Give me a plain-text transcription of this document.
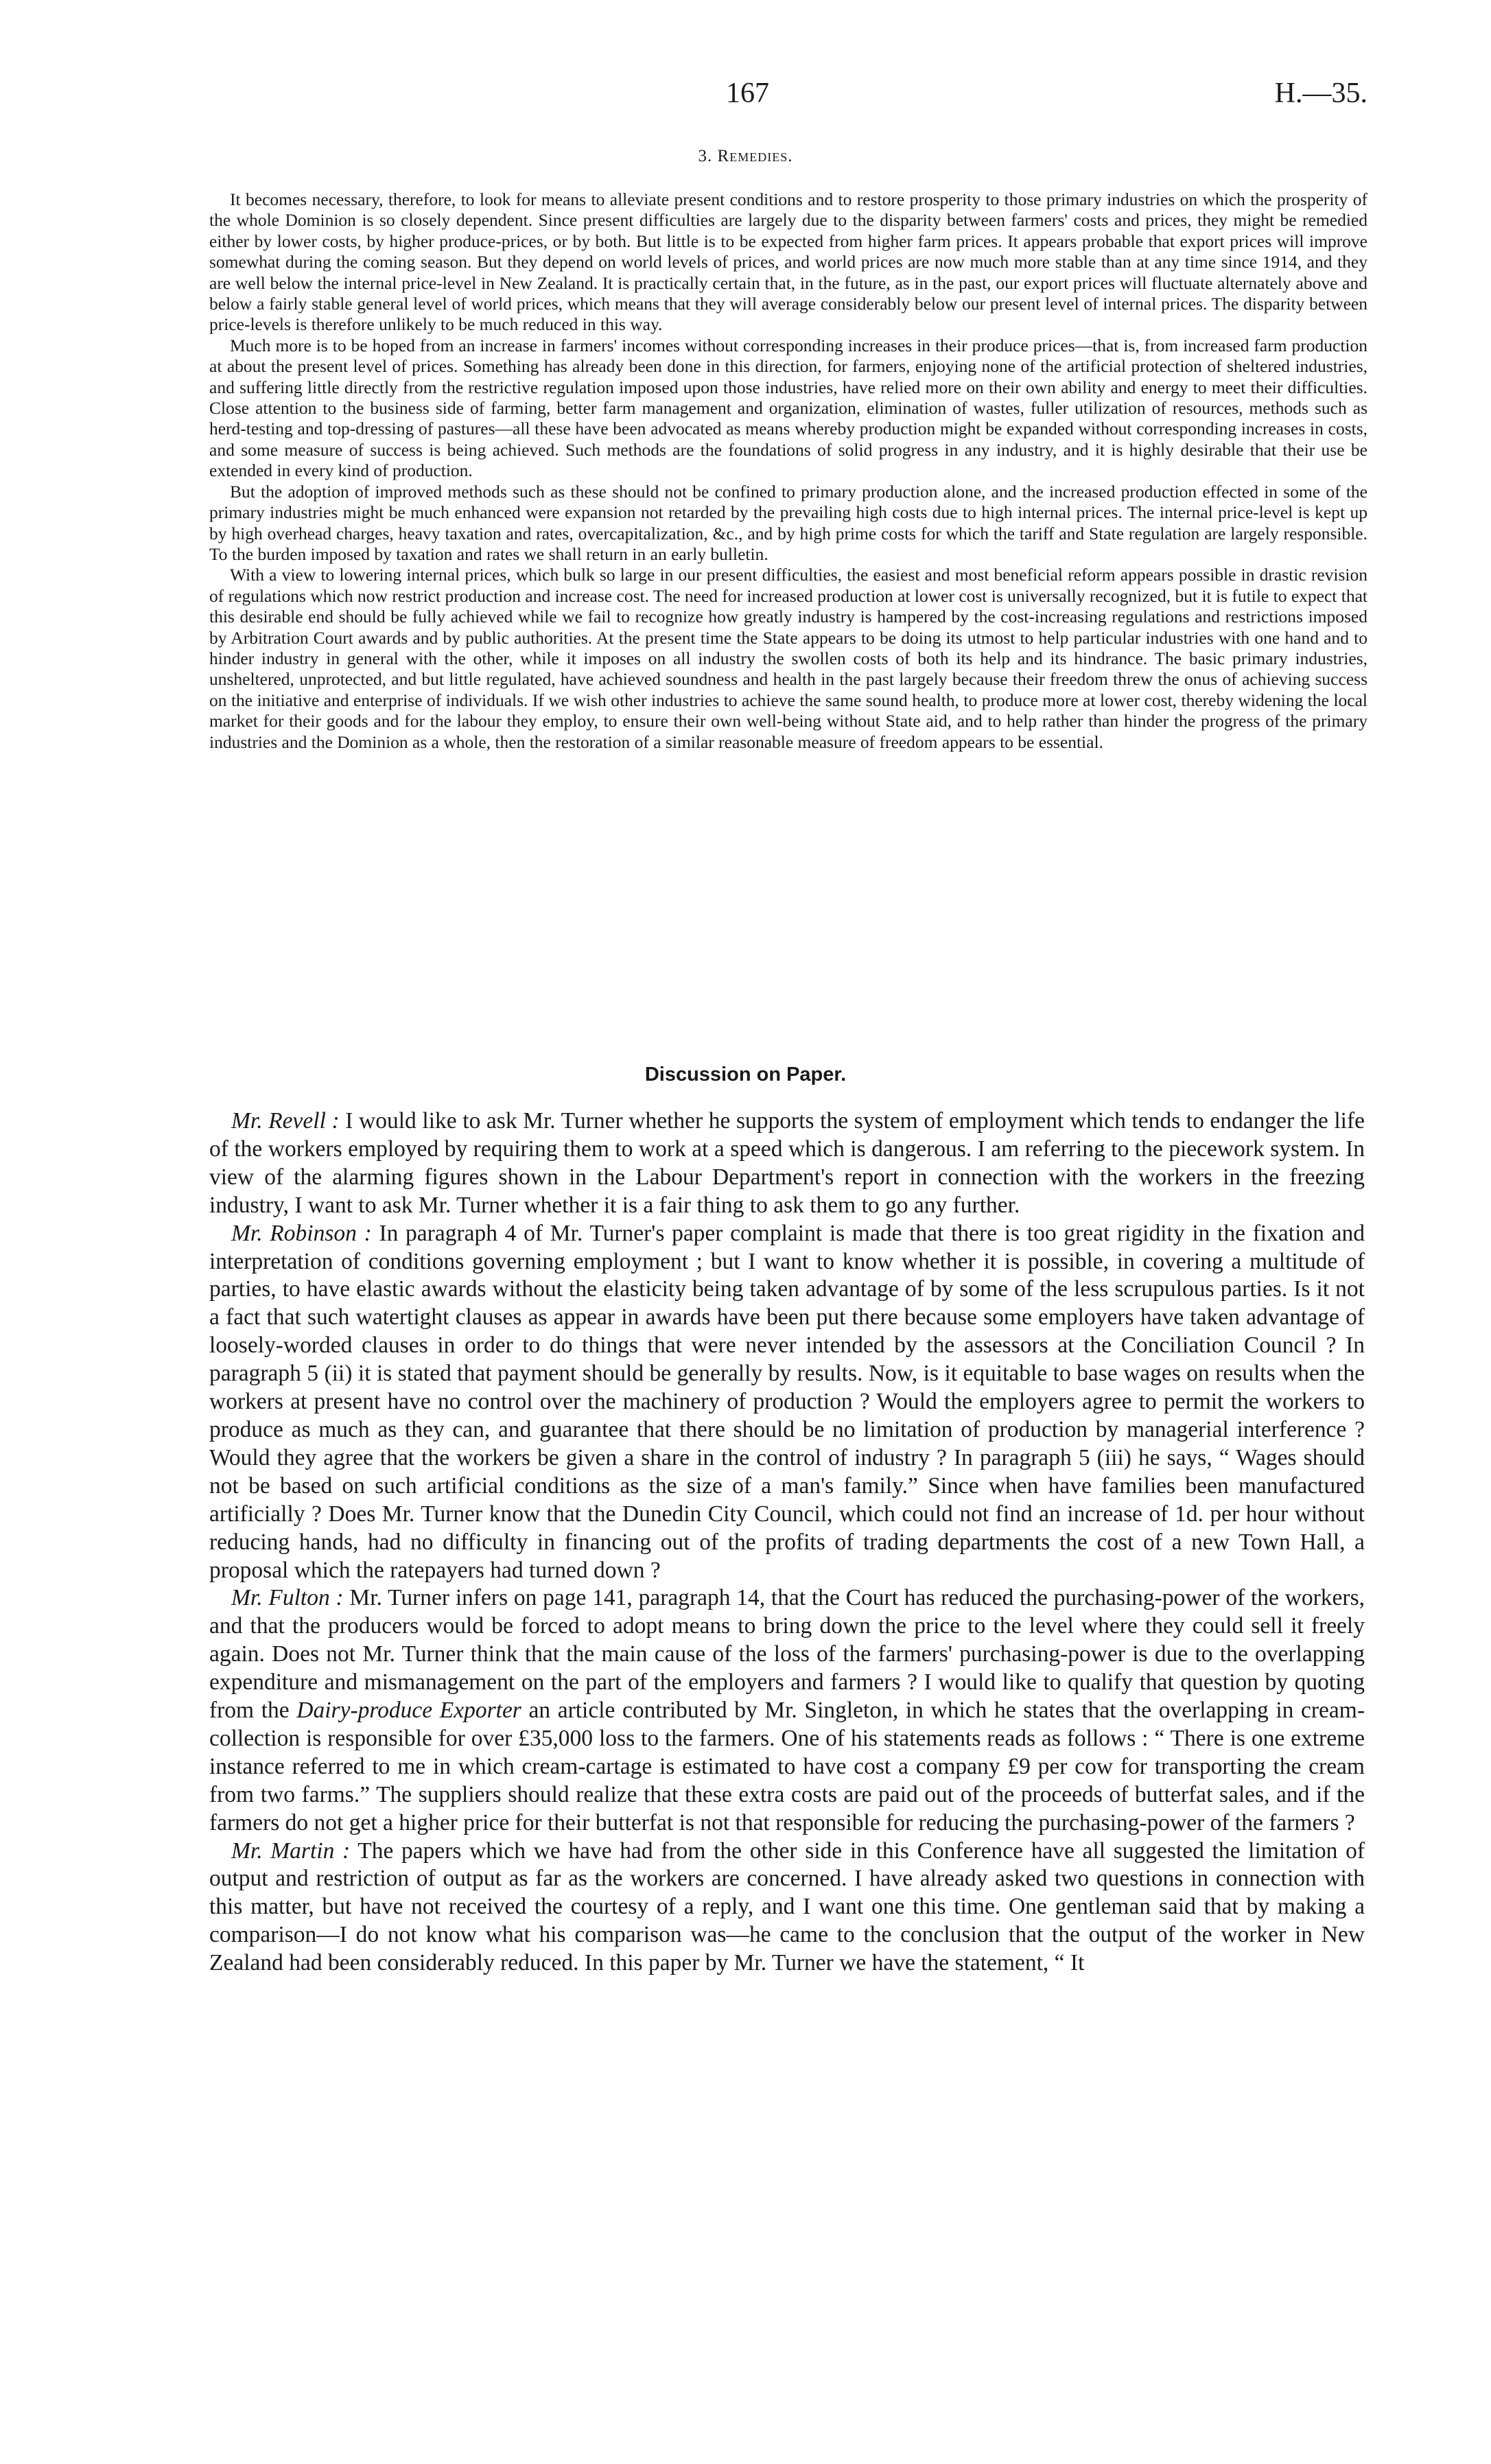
167	H.—35.
3. Remedies.

It becomes necessary, therefore, to look for means to alleviate present conditions and to restore prosperity to those primary industries on which the prosperity of the whole Dominion is so closely dependent. Since present difficulties are largely due to the disparity between farmers' costs and prices, they might be remedied either by lower costs, by higher produce-prices, or by both. But little is to be expected from higher farm prices. It appears probable that export prices will improve somewhat during the coming season. But they depend on world levels of prices, and world prices are now much more stable than at any time since 1914, and they are well below the internal price-level in New Zealand. It is practically certain that, in the future, as in the past, our export prices will fluctuate alternately above and below a fairly stable general level of world prices, which means that they will average considerably below our present level of internal prices. The disparity between price-levels is therefore unlikely to be much reduced in this way.

Much more is to be hoped from an increase in farmers' incomes without corresponding increases in their produce prices—that is, from increased farm production at about the present level of prices. Something has already been done in this direction, for farmers, enjoying none of the artificial protection of sheltered industries, and suffering little directly from the restrictive regulation imposed upon those industries, have relied more on their own ability and energy to meet their difficulties. Close attention to the business side of farming, better farm management and organization, elimination of wastes, fuller utilization of resources, methods such as herd-testing and top-dressing of pastures—all these have been advocated as means whereby production might be expanded without corresponding increases in costs, and some measure of success is being achieved. Such methods are the foundations of solid progress in any industry, and it is highly desirable that their use be extended in every kind of production.

But the adoption of improved methods such as these should not be confined to primary production alone, and the increased production effected in some of the primary industries might be much enhanced were expansion not retarded by the prevailing high costs due to high internal prices. The internal price-level is kept up by high overhead charges, heavy taxation and rates, overcapitalization, &c., and by high prime costs for which the tariff and State regulation are largely responsible. To the burden imposed by taxation and rates we shall return in an early bulletin.

With a view to lowering internal prices, which bulk so large in our present difficulties, the easiest and most beneficial reform appears possible in drastic revision of regulations which now restrict production and increase cost. The need for increased production at lower cost is universally recognized, but it is futile to expect that this desirable end should be fully achieved while we fail to recognize how greatly industry is hampered by the cost-increasing regulations and restrictions imposed by Arbitration Court awards and by public authorities. At the present time the State appears to be doing its utmost to help particular industries with one hand and to hinder industry in general with the other, while it imposes on all industry the swollen costs of both its help and its hindrance. The basic primary industries, unsheltered, unprotected, and but little regulated, have achieved soundness and health in the past largely because their freedom threw the onus of achieving success on the initiative and enterprise of individuals. If we wish other industries to achieve the same sound health, to produce more at lower cost, thereby widening the local market for their goods and for the labour they employ, to ensure their own well-being without State aid, and to help rather than hinder the progress of the primary industries and the Dominion as a whole, then the restoration of a similar reasonable measure of freedom appears to be essential.

Discussion on Paper.

Mr. Revell : I would like to ask Mr. Turner whether he supports the system of employment which tends to endanger the life of the workers employed by requiring them to work at a speed which is dangerous. I am referring to the piecework system. In view of the alarming figures shown in the Labour Department's report in connection with the workers in the freezing industry, I want to ask Mr. Turner whether it is a fair thing to ask them to go any further.

Mr. Robinson : In paragraph 4 of Mr. Turner's paper complaint is made that there is too great rigidity in the fixation and interpretation of conditions governing employment ; but I want to know whether it is possible, in covering a multitude of parties, to have elastic awards without the elasticity being taken advantage of by some of the less scrupulous parties. Is it not a fact that such watertight clauses as appear in awards have been put there because some employers have taken advantage of loosely-worded clauses in order to do things that were never intended by the assessors at the Conciliation Council ? In paragraph 5 (ii) it is stated that payment should be generally by results. Now, is it equitable to base wages on results when the workers at present have no control over the machinery of production ? Would the employers agree to permit the workers to produce as much as they can, and guarantee that there should be no limitation of production by managerial interference ? Would they agree that the workers be given a share in the control of industry ? In paragraph 5 (iii) he says, “ Wages should not be based on such artificial conditions as the size of a man's family.” Since when have families been manufactured artificially ? Does Mr. Turner know that the Dunedin City Council, which could not find an increase of 1d. per hour without reducing hands, had no difficulty in financing out of the profits of trading departments the cost of a new Town Hall, a proposal which the ratepayers had turned down ?

Mr. Fulton : Mr. Turner infers on page 141, paragraph 14, that the Court has reduced the purchasing-power of the workers, and that the producers would be forced to adopt means to bring down the price to the level where they could sell it freely again. Does not Mr. Turner think that the main cause of the loss of the farmers' purchasing-power is due to the overlapping expenditure and mismanagement on the part of the employers and farmers ? I would like to qualify that question by quoting from the Dairy-produce Exporter an article contributed by Mr. Singleton, in which he states that the overlapping in cream-collection is responsible for over £35,000 loss to the farmers. One of his statements reads as follows : “ There is one extreme instance referred to me in which cream-cartage is estimated to have cost a company £9 per cow for transporting the cream from two farms.” The suppliers should realize that these extra costs are paid out of the proceeds of butterfat sales, and if the farmers do not get a higher price for their butterfat is not that responsible for reducing the purchasing-power of the farmers ?

Mr. Martin : The papers which we have had from the other side in this Conference have all suggested the limitation of output and restriction of output as far as the workers are concerned. I have already asked two questions in connection with this matter, but have not received the courtesy of a reply, and I want one this time. One gentleman said that by making a comparison—I do not know what his comparison was—he came to the conclusion that the output of the worker in New Zealand had been considerably reduced. In this paper by Mr. Turner we have the statement, “ It
